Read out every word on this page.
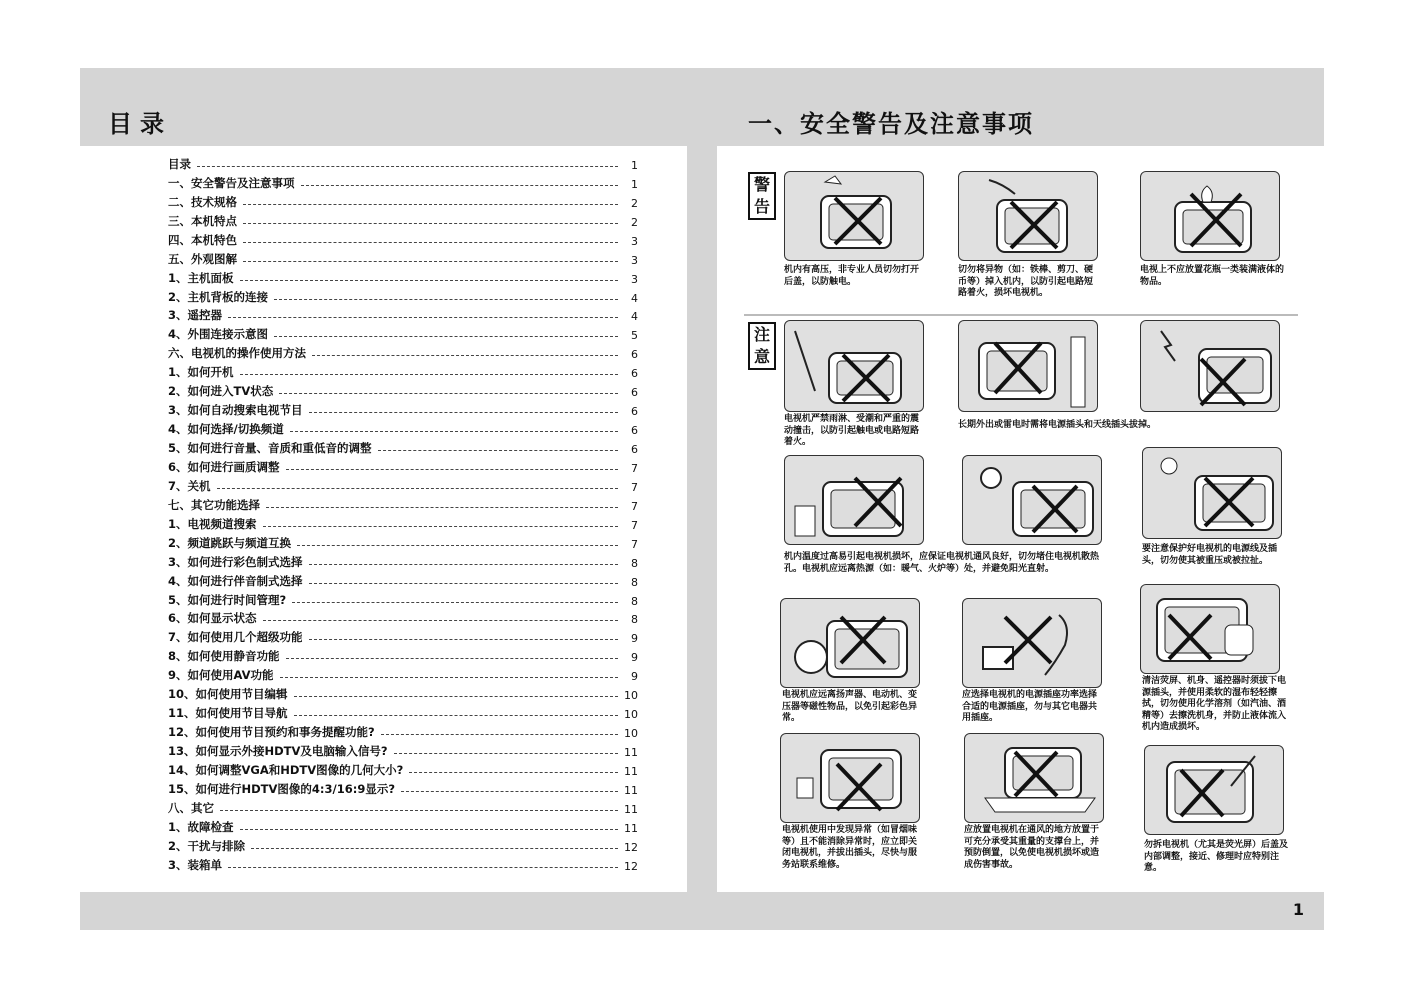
目录	一、安全警告及注意事项
1
目录	1
一、安全警告及注意事项	1
二、技术规格	2
三、本机特点	2
四、本机特色	3
五、外观图解	3
1、主机面板	3
2、主机背板的连接	4
3、遥控器	4
4、外围连接示意图	5
六、电视机的操作使用方法	6
1、如何开机	6
2、如何进入TV状态	6
3、如何自动搜索电视节目	6
4、如何选择/切换频道	6
5、如何进行音量、音质和重低音的调整	6
6、如何进行画质调整	7
7、关机	7
七、其它功能选择	7
1、电视频道搜索	7
2、频道跳跃与频道互换	7
3、如何进行彩色制式选择	8
4、如何进行伴音制式选择	8
5、如何进行时间管理?	8
6、如何显示状态	8
7、如何使用几个超级功能	9
8、如何使用静音功能	9
9、如何使用AV功能	9
10、如何使用节目编辑	10
11、如何使用节目导航	10
12、如何使用节目预约和事务提醒功能?	10
13、如何显示外接HDTV及电脑输入信号?	11
14、如何调整VGA和HDTV图像的几何大小?	11
15、如何进行HDTV图像的4:3/16:9显示?	11
八、其它	11
1、故障检查	11
2、干扰与排除	12
3、装箱单	12
警告
注意
机内有高压，非专业人员切勿打开后盖，以防触电。
切勿将异物（如：铁棒、剪刀、硬币等）掉入机内，以防引起电路短路着火，损坏电视机。
电视上不应放置花瓶一类装满液体的物品。
电视机严禁雨淋、受潮和严重的震动撞击，以防引起触电或电路短路着火。
长期外出或雷电时需将电源插头和天线插头拔掉。
机内温度过高易引起电视机损坏，应保证电视机通风良好，切勿堵住电视机散热孔。电视机应远离热源（如：暖气、火炉等）处，并避免阳光直射。
要注意保护好电视机的电源线及插头，切勿使其被重压或被拉扯。
电视机应远离扬声器、电动机、变压器等磁性物品，以免引起彩色异常。
应选择电视机的电源插座功率选择合适的电源插座，勿与其它电器共用插座。
清洁荧屏、机身、遥控器时须拔下电源插头，并使用柔软的湿布轻轻擦拭，切勿使用化学溶剂（如汽油、酒精等）去擦洗机身，并防止液体流入机内造成损坏。
电视机使用中发现异常（如冒烟味等）且不能消除异常时，应立即关闭电视机，并拔出插头，尽快与服务站联系维修。
应放置电视机在通风的地方放置于可充分承受其重量的支撑台上，并预防倒置，以免使电视机损坏或造成伤害事故。
勿拆电视机（尤其是荧光屏）后盖及内部调整，接近、修理时应特别注意。
